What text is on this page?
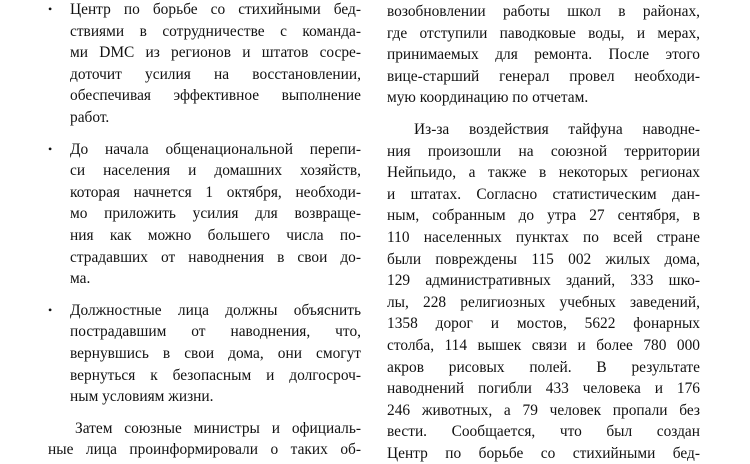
• Центр по борьбе со стихийными бед-
ствиями в сотрудничестве с команда-
ми DMC из регионов и штатов сосре-
доточит усилия на восстановлении,
обеспечивая эффективное выполнение
работ.
• До начала общенациональной перепи-
си населения и домашних хозяйств,
которая начнется 1 октября, необходи-
мо приложить усилия для возвраще-
ния как можно большего числа по-
страдавших от наводнения в свои до-
ма.
• Должностные лица должны объяснить
пострадавшим от наводнения, что,
вернувшись в свои дома, они смогут
вернуться к безопасным и долгосроч-
ным условиям жизни.
Затем союзные министры и официаль-
ные лица проинформировали о таких об-
возобновлении работы школ в районах,
где отступили паводковые воды, и мерах,
принимаемых для ремонта. После этого
вице-старший генерал провел необходи-
мую координацию по отчетам.
Из-за воздействия тайфуна наводне-
ния произошли на союзной территории
Нейпьидо, а также в некоторых регионах
и штатах. Согласно статистическим дан-
ным, собранным до утра 27 сентября, в
110 населенных пунктах по всей стране
были повреждены 115 002 жилых дома,
129 административных зданий, 333 шко-
лы, 228 религиозных учебных заведений,
1358 дорог и мостов, 5622 фонарных
столба, 114 вышек связи и более 780 000
акров рисовых полей. В результате
наводнений погибли 433 человека и 176
246 животных, а 79 человек пропали без
вести. Сообщается, что был создан
Центр по борьбе со стихийными бед-
